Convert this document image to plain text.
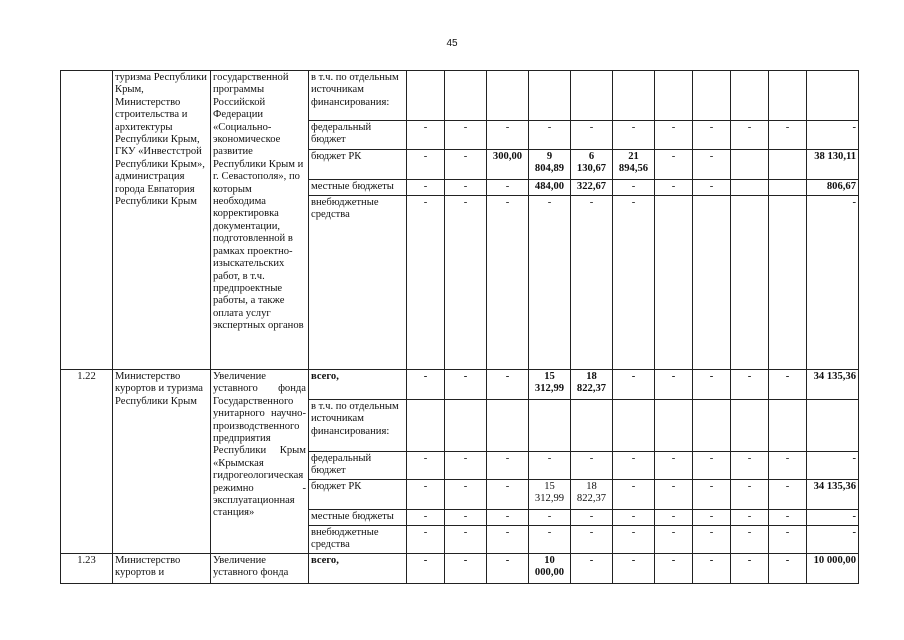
45
	туризма Республики Крым, Министерство строительства и архитектуры Республики Крым, ГКУ «Инвестстрой Республики Крым», администрация города Евпатория Республики Крым	государственной программы Российской Федерации «Социально-экономическое развитие Республики Крым и г. Севастополя», по которым необходима корректировка документации, подготовленной в рамках проектно-изыскательских работ, в т.ч. предпроектные работы, а также оплата услуг экспертных органов	в т.ч. по отдельным источникам финансирования:											
			федеральный бюджет	-	-	-	-	-	-	-	-	-	-	-
			бюджет РК	-	-	300,00	9 804,89	6 130,67	21 894,56	-	-			38 130,11
			местные бюджеты	-	-	-	484,00	322,67	-	-	-			806,67
			внебюджетные средства	-	-	-	-	-	-					-
1.22	Министерство курортов и туризма Республики Крым	Увеличение уставного фонда Государственного унитарного научно-производственного предприятия Республики Крым «Крымская гидрогеологическая режимно - эксплуатационная станция»	всего,	-	-	-	15 312,99	18 822,37	-	-	-	-	-	34 135,36
			в т.ч. по отдельным источникам финансирования:											
			федеральный бюджет	-	-	-	-	-	-	-	-	-	-	-
			бюджет РК	-	-	-	15 312,99	18 822,37	-	-	-	-	-	34 135,36
			местные бюджеты	-	-	-	-	-	-	-	-	-	-	-
			внебюджетные средства	-	-	-	-	-	-	-	-	-	-	-
1.23	Министерство курортов и	Увеличение уставного фонда	всего,	-	-	-	10 000,00	-	-	-	-	-	-	10 000,00
